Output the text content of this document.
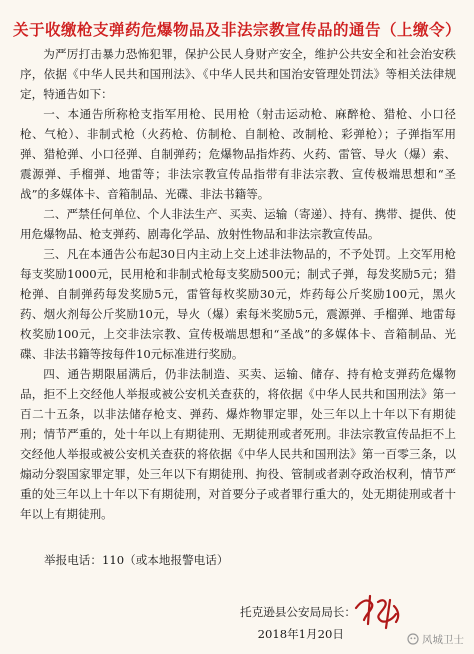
关于收缴枪支弹药危爆物品及非法宗教宣传品的通告（上缴令）

为严厉打击暴力恐怖犯罪，保护公民人身财产安全，维护公共安全和社会治安秩序，依据《中华人民共和国刑法》、《中华人民共和国治安管理处罚法》等相关法律规定，特通告如下：

一、本通告所称枪支指军用枪、民用枪（射击运动枪、麻醉枪、猎枪、小口径枪、气枪）、非制式枪（火药枪、仿制枪、自制枪、改制枪、彩弹枪）；子弹指军用弹、猎枪弹、小口径弹、自制弹药；危爆物品指炸药、火药、雷管、导火（爆）索、震源弹、手榴弹、地雷等；非法宗教宣传品指带有非法宗教、宣传极端思想和“圣战”的多媒体卡、音箱制品、光碟、非法书籍等。

二、严禁任何单位、个人非法生产、买卖、运输（寄递）、持有、携带、提供、使用危爆物品、枪支弹药、剧毒化学品、放射性物品和非法宗教宣传品。

三、凡在本通告公布起30日内主动上交上述非法物品的，不予处罚。上交军用枪每支奖励1000元，民用枪和非制式枪每支奖励500元；制式子弹，每发奖励5元；猎枪弹、自制弹药每发奖励5元，雷管每枚奖励30元，炸药每公斤奖励100元，黑火药、烟火剂每公斤奖励10元，导火（爆）索每米奖励5元，震源弹、手榴弹、地雷每枚奖励100元，上交非法宗教、宣传极端思想和“圣战”的多媒体卡、音箱制品、光碟、非法书籍等按每件10元标准进行奖励。

四、通告期限届满后，仍非法制造、买卖、运输、储存、持有枪支弹药危爆物品，拒不上交经他人举报或被公安机关查获的，将依据《中华人民共和国刑法》第一百二十五条，以非法储存枪支、弹药、爆炸物罪定罪，处三年以上十年以下有期徒刑；情节严重的，处十年以上有期徒刑、无期徒刑或者死刑。非法宗教宣传品拒不上交经他人举报或被公安机关查获的将依据《中华人民共和国刑法》第一百零三条，以煽动分裂国家罪定罪，处三年以下有期徒刑、拘役、管制或者剥夺政治权利，情节严重的处三年以上十年以下有期徒刑，对首要分子或者罪行重大的，处无期徒刑或者十年以上有期徒刑。

举报电话：110（或本地报警电话）
托克逊县公安局局长：
2018年1月20日	风城卫士
